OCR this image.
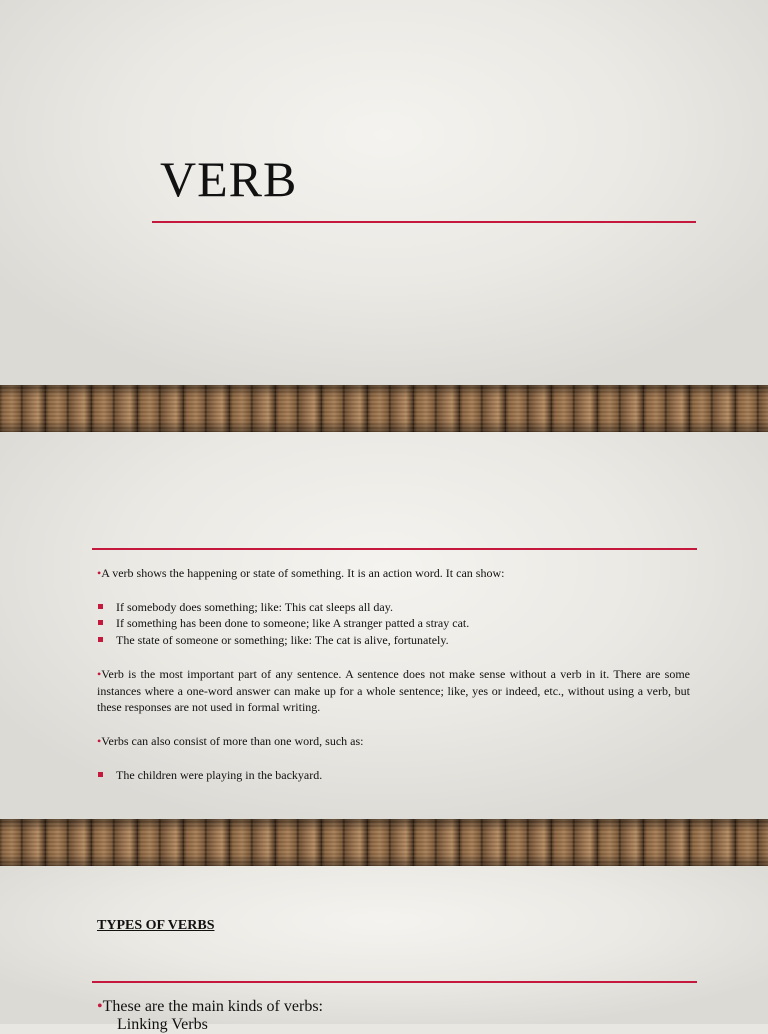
VERB

•A verb shows the happening or state of something. It is an action word. It can show:

If somebody does something; like: This cat sleeps all day.
If something has been done to someone; like A stranger patted a stray cat.
The state of someone or something; like: The cat is alive, fortunately.

•Verb is the most important part of any sentence. A sentence does not make sense without a verb in it. There are some instances where a one-word answer can make up for a whole sentence; like, yes or indeed, etc., without using a verb, but these responses are not used in formal writing.

•Verbs can also consist of more than one word, such as:

The children were playing in the backyard.
TYPES OF VERBS

•These are the main kinds of verbs:

Linking Verbs
